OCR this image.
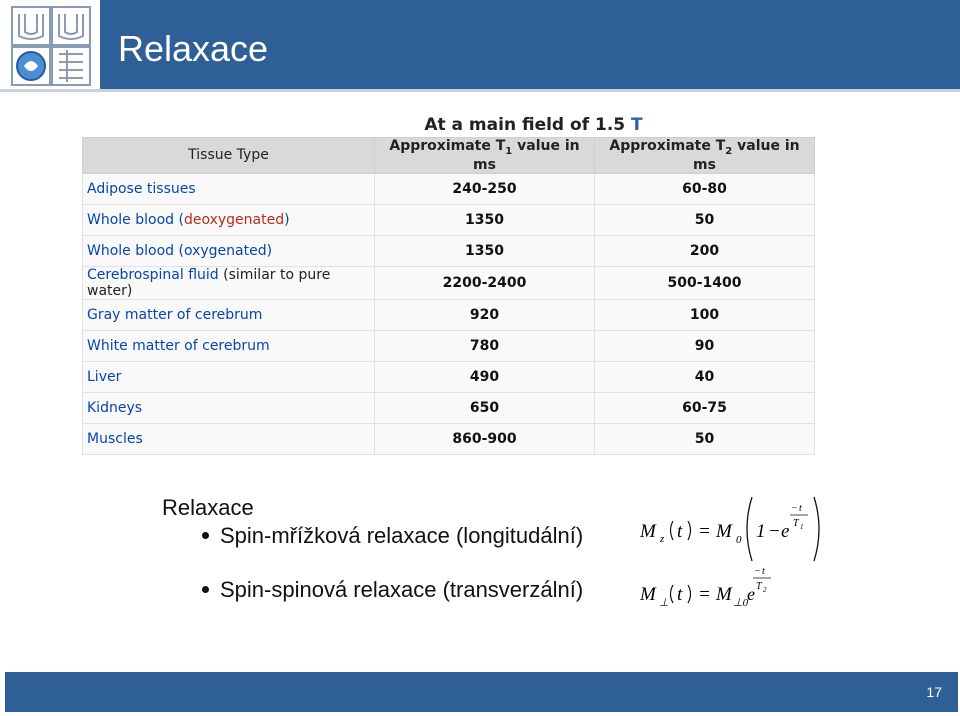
Relaxace
At a main field of 1.5 T
Tissue Type	Approximate $T_1$ value in ms	Approximate $T_2$ value in ms
Adipose tissues	240-250	60-80
Whole blood (deoxygenated)	1350	50
Whole blood (oxygenated)	1350	200
Cerebrospinal fluid (similar to pure water)	2200-2400	500-1400
Gray matter of cerebrum	920	100
White matter of cerebrum	780	90
Liver	490	40
Kidneys	650	60-75
Muscles	860-900	50
Relaxace
Spin-mřížková relaxace (longitudální)
Spin-spinová relaxace (transverzální)
M z t = M 0 1 − e
− t
T 1
M ⊥ t = M ⊥0
e
− t
T 2
17
